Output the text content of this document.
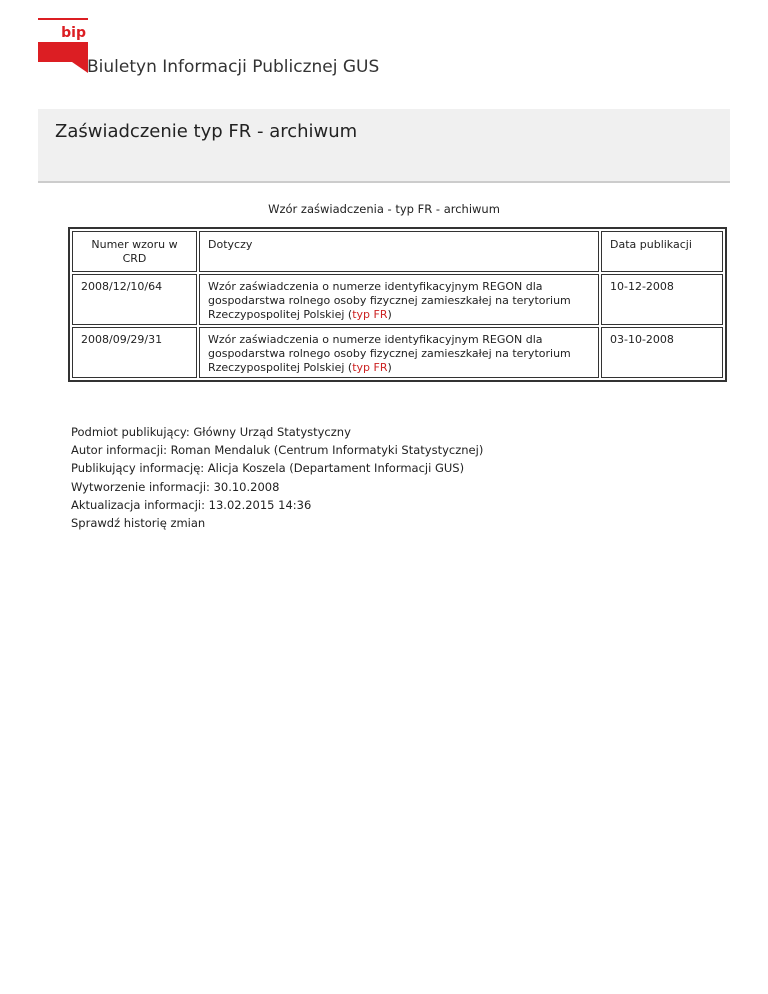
bip
Biuletyn Informacji Publicznej GUS
Zaświadczenie typ FR - archiwum
Wzór zaświadczenia - typ FR - archiwum
Numer wzoru w CRD	Dotyczy	Data publikacji
2008/12/10/64	Wzór zaświadczenia o numerze identyfikacyjnym REGON dla gospodarstwa rolnego osoby fizycznej zamieszkałej na terytorium Rzeczypospolitej Polskiej (typ FR)	10-12-2008
2008/09/29/31	Wzór zaświadczenia o numerze identyfikacyjnym REGON dla gospodarstwa rolnego osoby fizycznej zamieszkałej na terytorium Rzeczypospolitej Polskiej (typ FR)	03-10-2008
Podmiot publikujący: Główny Urząd Statystyczny
Autor informacji: Roman Mendaluk (Centrum Informatyki Statystycznej)
Publikujący informację: Alicja Koszela (Departament Informacji GUS)
Wytworzenie informacji: 30.10.2008
Aktualizacja informacji: 13.02.2015 14:36
Sprawdź historię zmian
